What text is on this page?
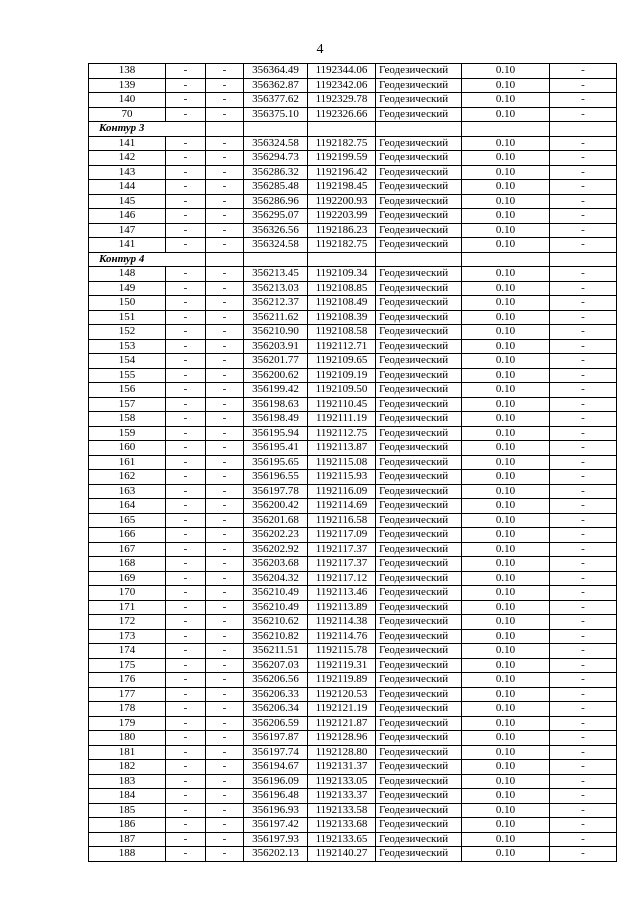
4
138	-	-	356364.49	1192344.06	Геодезический	0.10	-
139	-	-	356362.87	1192342.06	Геодезический	0.10	-
140	-	-	356377.62	1192329.78	Геодезический	0.10	-
70	-	-	356375.10	1192326.66	Геодезический	0.10	-
Контур 3							
141	-	-	356324.58	1192182.75	Геодезический	0.10	-
142	-	-	356294.73	1192199.59	Геодезический	0.10	-
143	-	-	356286.32	1192196.42	Геодезический	0.10	-
144	-	-	356285.48	1192198.45	Геодезический	0.10	-
145	-	-	356286.96	1192200.93	Геодезический	0.10	-
146	-	-	356295.07	1192203.99	Геодезический	0.10	-
147	-	-	356326.56	1192186.23	Геодезический	0.10	-
141	-	-	356324.58	1192182.75	Геодезический	0.10	-
Контур 4							
148	-	-	356213.45	1192109.34	Геодезический	0.10	-
149	-	-	356213.03	1192108.85	Геодезический	0.10	-
150	-	-	356212.37	1192108.49	Геодезический	0.10	-
151	-	-	356211.62	1192108.39	Геодезический	0.10	-
152	-	-	356210.90	1192108.58	Геодезический	0.10	-
153	-	-	356203.91	1192112.71	Геодезический	0.10	-
154	-	-	356201.77	1192109.65	Геодезический	0.10	-
155	-	-	356200.62	1192109.19	Геодезический	0.10	-
156	-	-	356199.42	1192109.50	Геодезический	0.10	-
157	-	-	356198.63	1192110.45	Геодезический	0.10	-
158	-	-	356198.49	1192111.19	Геодезический	0.10	-
159	-	-	356195.94	1192112.75	Геодезический	0.10	-
160	-	-	356195.41	1192113.87	Геодезический	0.10	-
161	-	-	356195.65	1192115.08	Геодезический	0.10	-
162	-	-	356196.55	1192115.93	Геодезический	0.10	-
163	-	-	356197.78	1192116.09	Геодезический	0.10	-
164	-	-	356200.42	1192114.69	Геодезический	0.10	-
165	-	-	356201.68	1192116.58	Геодезический	0.10	-
166	-	-	356202.23	1192117.09	Геодезический	0.10	-
167	-	-	356202.92	1192117.37	Геодезический	0.10	-
168	-	-	356203.68	1192117.37	Геодезический	0.10	-
169	-	-	356204.32	1192117.12	Геодезический	0.10	-
170	-	-	356210.49	1192113.46	Геодезический	0.10	-
171	-	-	356210.49	1192113.89	Геодезический	0.10	-
172	-	-	356210.62	1192114.38	Геодезический	0.10	-
173	-	-	356210.82	1192114.76	Геодезический	0.10	-
174	-	-	356211.51	1192115.78	Геодезический	0.10	-
175	-	-	356207.03	1192119.31	Геодезический	0.10	-
176	-	-	356206.56	1192119.89	Геодезический	0.10	-
177	-	-	356206.33	1192120.53	Геодезический	0.10	-
178	-	-	356206.34	1192121.19	Геодезический	0.10	-
179	-	-	356206.59	1192121.87	Геодезический	0.10	-
180	-	-	356197.87	1192128.96	Геодезический	0.10	-
181	-	-	356197.74	1192128.80	Геодезический	0.10	-
182	-	-	356194.67	1192131.37	Геодезический	0.10	-
183	-	-	356196.09	1192133.05	Геодезический	0.10	-
184	-	-	356196.48	1192133.37	Геодезический	0.10	-
185	-	-	356196.93	1192133.58	Геодезический	0.10	-
186	-	-	356197.42	1192133.68	Геодезический	0.10	-
187	-	-	356197.93	1192133.65	Геодезический	0.10	-
188	-	-	356202.13	1192140.27	Геодезический	0.10	-
